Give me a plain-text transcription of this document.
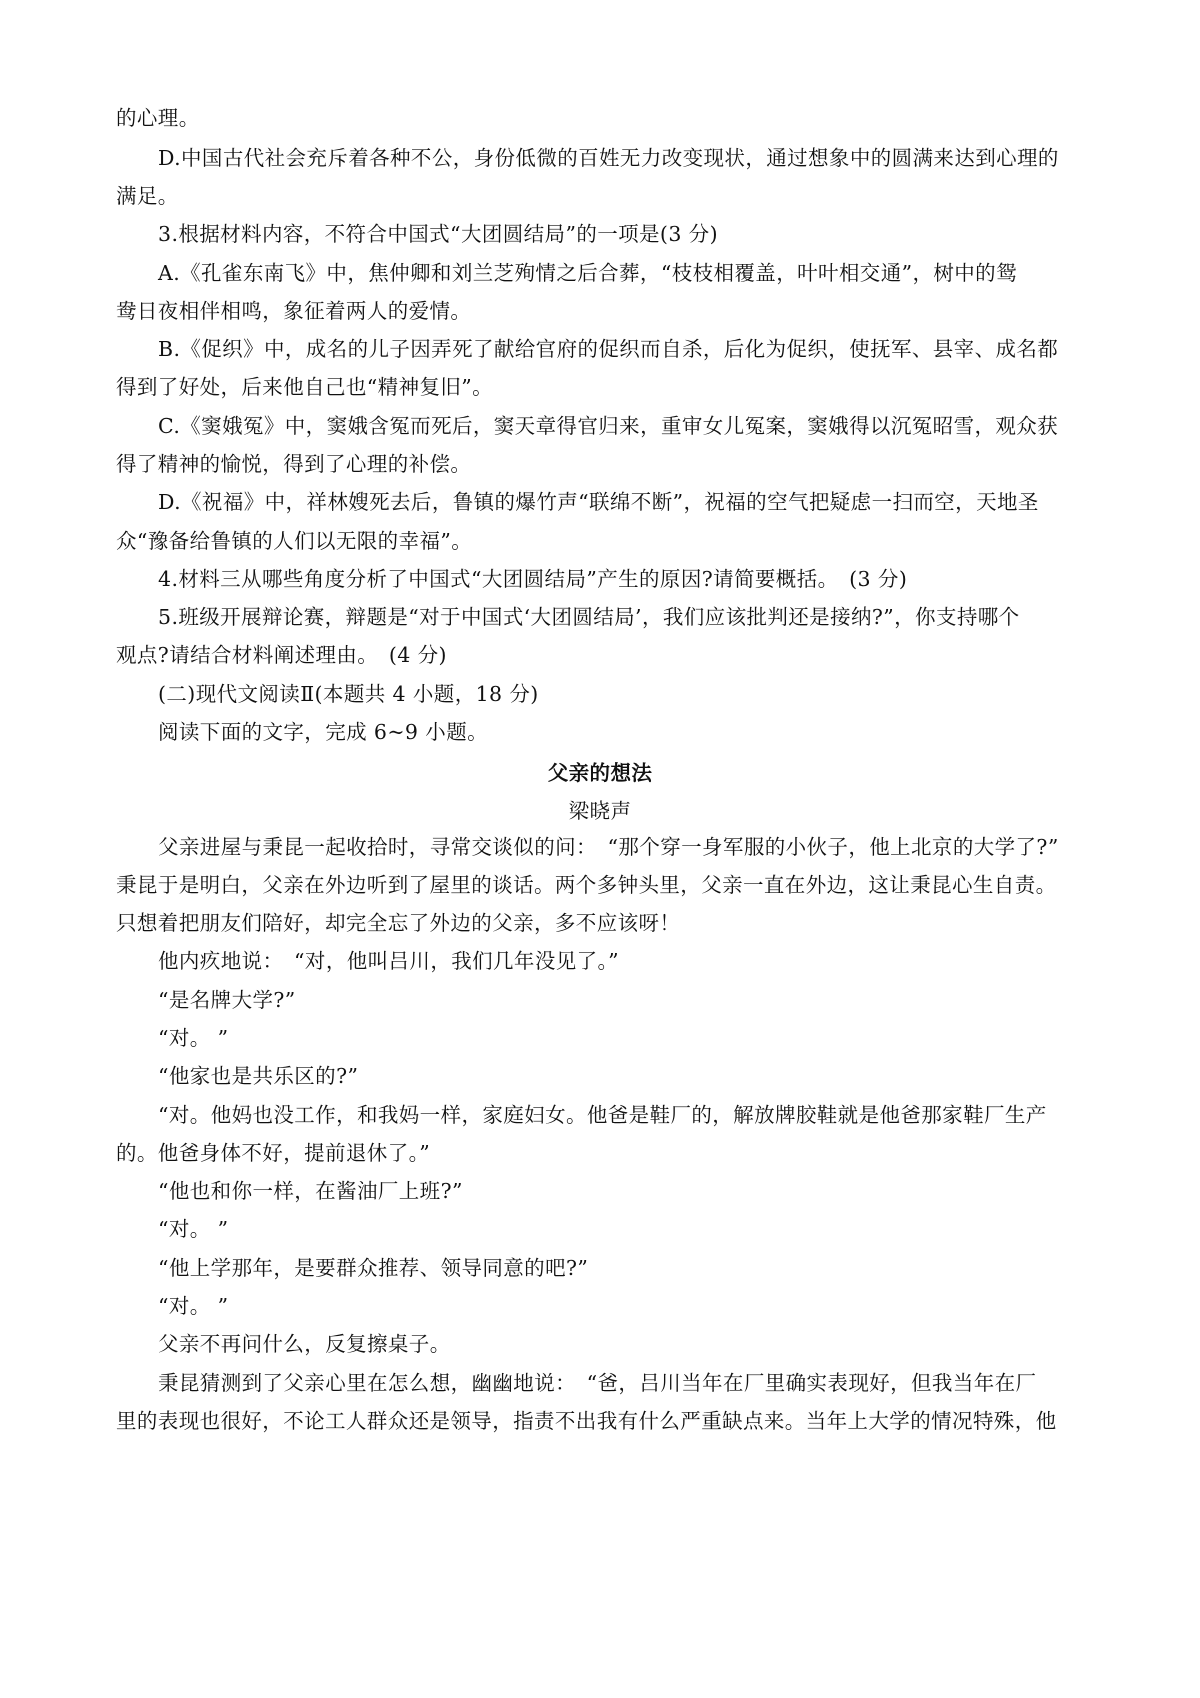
的心理。
D.中国古代社会充斥着各种不公，身份低微的百姓无力改变现状，通过想象中的圆满来达到心理的
满足。
3.根据材料内容，不符合中国式“大团圆结局”的一项是(3 分)
A.《孔雀东南飞》中，焦仲卿和刘兰芝殉情之后合葬，“枝枝相覆盖，叶叶相交通”，树中的鸳
鸯日夜相伴相鸣，象征着两人的爱情。
B.《促织》中，成名的儿子因弄死了献给官府的促织而自杀，后化为促织，使抚军、县宰、成名都
得到了好处，后来他自己也“精神复旧”。
C.《窦娥冤》中，窦娥含冤而死后，窦天章得官归来，重审女儿冤案，窦娥得以沉冤昭雪，观众获
得了精神的愉悦，得到了心理的补偿。
D.《祝福》中，祥林嫂死去后，鲁镇的爆竹声“联绵不断”，祝福的空气把疑虑一扫而空，天地圣
众“豫备给鲁镇的人们以无限的幸福”。
4.材料三从哪些角度分析了中国式“大团圆结局”产生的原因?请简要概括。　(3 分)
5.班级开展辩论赛，辩题是“对于中国式‘大团圆结局’，我们应该批判还是接纳?”，你支持哪个
观点?请结合材料阐述理由。　(4 分)
(二)现代文阅读Ⅱ(本题共 4 小题，18 分)
阅读下面的文字，完成 6~9 小题。
父亲的想法
梁晓声
父亲进屋与秉昆一起收拾时，寻常交谈似的问：　“那个穿一身军服的小伙子，他上北京的大学了?”
秉昆于是明白，父亲在外边听到了屋里的谈话。两个多钟头里，父亲一直在外边，这让秉昆心生自责。
只想着把朋友们陪好，却完全忘了外边的父亲，多不应该呀！
他内疚地说：　“对，他叫吕川，我们几年没见了。”
“是名牌大学?”
“对。 ”
“他家也是共乐区的?”
“对。他妈也没工作，和我妈一样，家庭妇女。他爸是鞋厂的，解放牌胶鞋就是他爸那家鞋厂生产
的。他爸身体不好，提前退休了。”
“他也和你一样，在酱油厂上班?”
“对。 ”
“他上学那年，是要群众推荐、领导同意的吧?”
“对。 ”
父亲不再问什么，反复擦桌子。
秉昆猜测到了父亲心里在怎么想，幽幽地说：　“爸，吕川当年在厂里确实表现好，但我当年在厂
里的表现也很好，不论工人群众还是领导，指责不出我有什么严重缺点来。当年上大学的情况特殊，他
